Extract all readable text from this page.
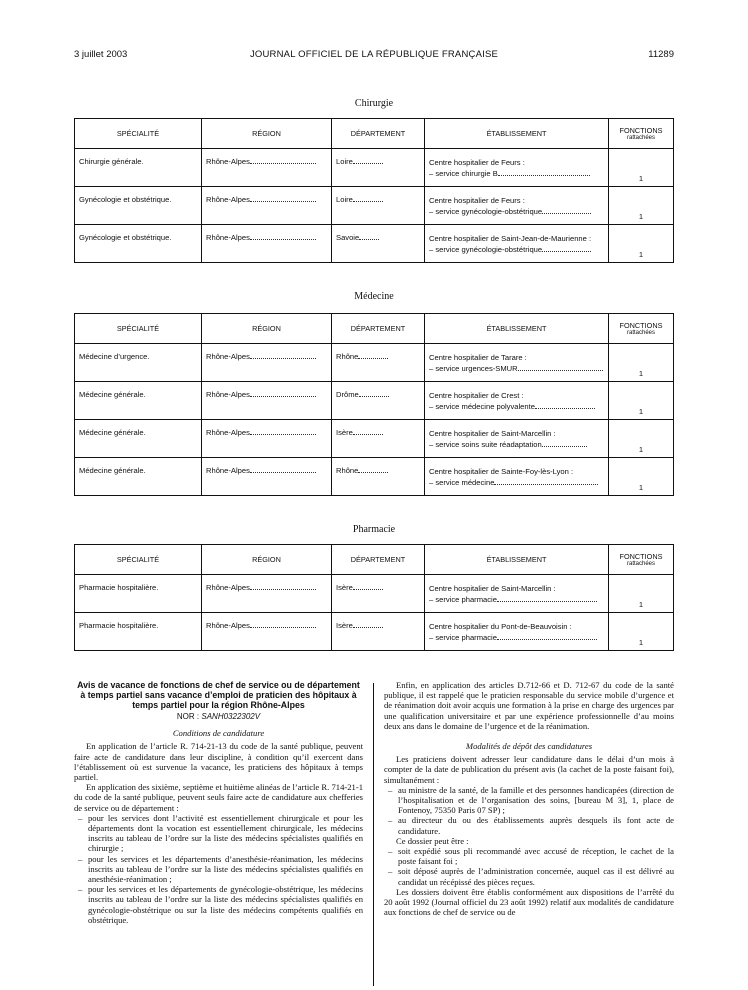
3 juillet 2003	JOURNAL OFFICIEL DE LA RÉPUBLIQUE FRANÇAISE	11289
Chirurgie
SPÉCIALITÉ	RÉGION	DÉPARTEMENT	ÉTABLISSEMENT	FONCTIONS
rattachées

Chirurgie générale.	Rhône-Alpes	Loire	Centre hospitalier de Feurs :
– service chirurgie B	1
Gynécologie et obstétrique.	Rhône-Alpes	Loire	Centre hospitalier de Feurs :
– service gynécologie-obstétrique	1
Gynécologie et obstétrique.	Rhône-Alpes	Savoie	Centre hospitalier de Saint-Jean-de-Maurienne :
– service gynécologie-obstétrique	1
Médecine
SPÉCIALITÉ	RÉGION	DÉPARTEMENT	ÉTABLISSEMENT	FONCTIONS
rattachées

Médecine d’urgence.	Rhône-Alpes	Rhône	Centre hospitalier de Tarare :
– service urgences-SMUR	1
Médecine générale.	Rhône-Alpes	Drôme	Centre hospitalier de Crest :
– service médecine polyvalente	1
Médecine générale.	Rhône-Alpes	Isère	Centre hospitalier de Saint-Marcellin :
– service soins suite réadaptation	1
Médecine générale.	Rhône-Alpes	Rhône	Centre hospitalier de Sainte-Foy-lès-Lyon :
– service médecine	1
Pharmacie
SPÉCIALITÉ	RÉGION	DÉPARTEMENT	ÉTABLISSEMENT	FONCTIONS
rattachées

Pharmacie hospitalière.	Rhône-Alpes	Isère	Centre hospitalier de Saint-Marcellin :
– service pharmacie	1
Pharmacie hospitalière.	Rhône-Alpes	Isère	Centre hospitalier du Pont-de-Beauvoisin :
– service pharmacie	1
Avis de vacance de fonctions de chef de service ou de département à temps partiel sans vacance d’emploi de praticien des hôpitaux à temps partiel pour la région Rhône-Alpes
NOR : SANH0322302V
Conditions de candidature

En application de l’article R. 714-21-13 du code de la santé publique, peuvent faire acte de candidature dans leur discipline, à condition qu’il exercent dans l’établissement où est survenue la vacance, les praticiens des hôpitaux à temps partiel.

En application des sixième, septième et huitième alinéas de l’article R. 714-21-1 du code de la santé publique, peuvent seuls faire acte de candidature aux chefferies de service ou de département :

– pour les services dont l’activité est essentiellement chirurgicale et pour les départements dont la vocation est essentiellement chirurgicale, les médecins inscrits au tableau de l’ordre sur la liste des médecins spécialistes qualifiés en chirurgie ;
– pour les services et les départements d’anesthésie-réanimation, les médecins inscrits au tableau de l’ordre sur la liste des médecins spécialistes qualifiés en anesthésie-réanimation ;
– pour les services et les départements de gynécologie-obstétrique, les médecins inscrits au tableau de l’ordre sur la liste des médecins spécialistes qualifiés en gynécologie-obstétrique ou sur la liste des médecins compétents qualifiés en obstétrique.

Enfin, en application des articles D.712-66 et D. 712-67 du code de la santé publique, il est rappelé que le praticien responsable du service mobile d’urgence et de réanimation doit avoir acquis une formation à la prise en charge des urgences par une qualification universitaire et par une expérience professionnelle d’au moins deux ans dans le domaine de l’urgence et de la réanimation.

Modalités de dépôt des candidatures

Les praticiens doivent adresser leur candidature dans le délai d’un mois à compter de la date de publication du présent avis (la cachet de la poste faisant foi), simultanément :

– au ministre de la santé, de la famille et des personnes handicapées (direction de l’hospitalisation et de l’organisation des soins, [bureau M 3], 1, place de Fontenoy, 75350 Paris 07 SP) ;
– au directeur du ou des établissements auprès desquels ils font acte de candidature.

Ce dossier peut être :

– soit expédié sous pli recommandé avec accusé de réception, le cachet de la poste faisant foi ;
– soit déposé auprès de l’administration concernée, auquel cas il est délivré au candidat un récépissé des pièces reçues.

Les dossiers doivent être établis conformément aux dispositions de l’arrêté du 20 août 1992 (Journal officiel du 23 août 1992) relatif aux modalités de candidature aux fonctions de chef de service ou de
